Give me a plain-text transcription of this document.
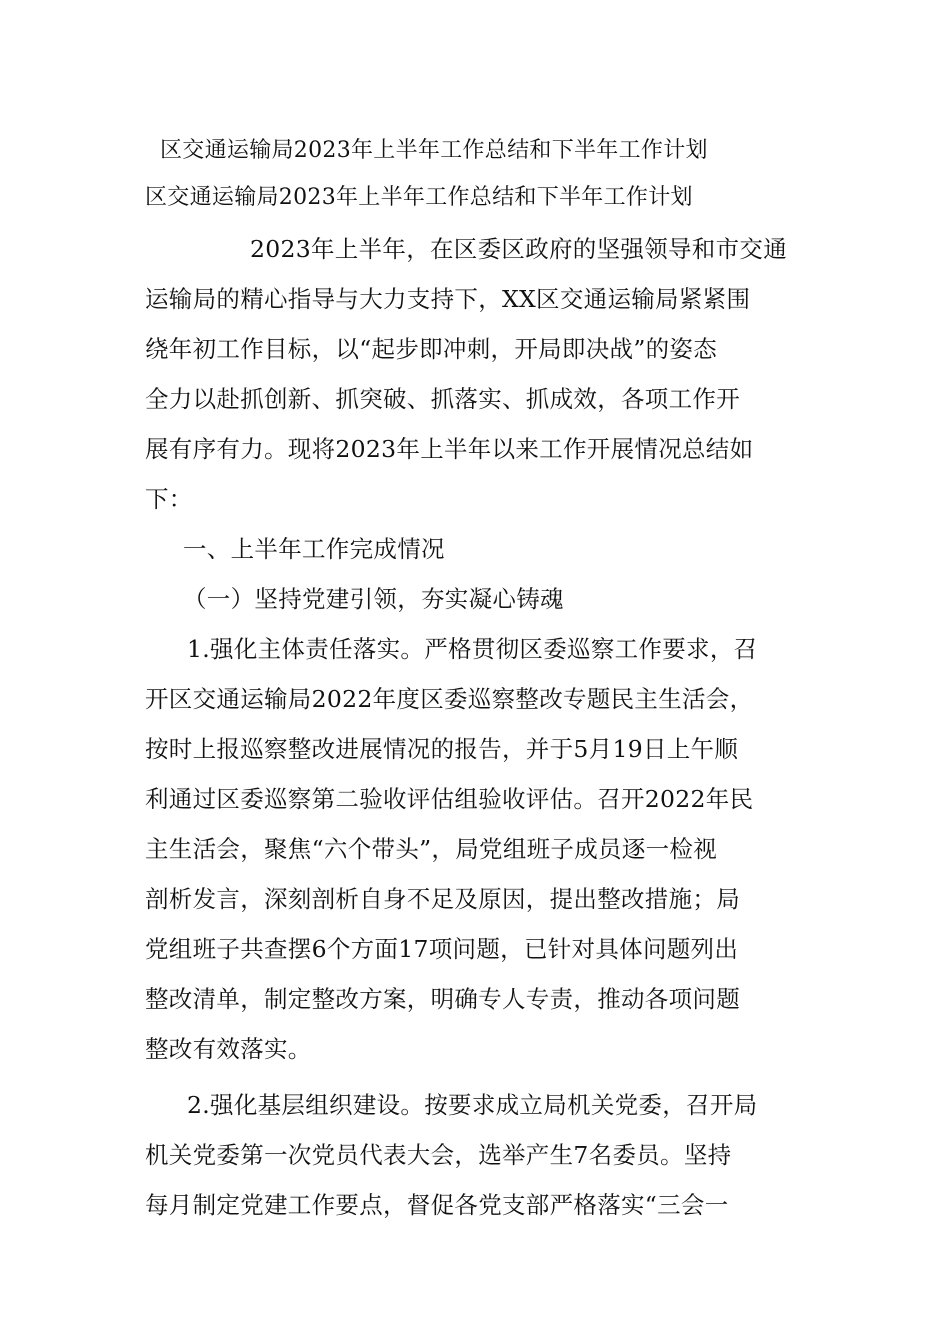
区交通运输局2023年上半年工作总结和下半年工作计划
区交通运输局2023年上半年工作总结和下半年工作计划
2023年上半年，在区委区政府的坚强领导和市交通
运输局的精心指导与大力支持下，XX区交通运输局紧紧围
绕年初工作目标，以“起步即冲刺，开局即决战”的姿态
全力以赴抓创新、抓突破、抓落实、抓成效，各项工作开
展有序有力。现将2023年上半年以来工作开展情况总结如
下：
一、上半年工作完成情况
（一）坚持党建引领，夯实凝心铸魂
1.强化主体责任落实。严格贯彻区委巡察工作要求，召
开区交通运输局2022年度区委巡察整改专题民主生活会，
按时上报巡察整改进展情况的报告，并于5月19日上午顺
利通过区委巡察第二验收评估组验收评估。召开2022年民
主生活会，聚焦“六个带头”，局党组班子成员逐一检视
剖析发言，深刻剖析自身不足及原因，提出整改措施；局
党组班子共查摆6个方面17项问题，已针对具体问题列出
整改清单，制定整改方案，明确专人专责，推动各项问题
整改有效落实。
2.强化基层组织建设。按要求成立局机关党委，召开局
机关党委第一次党员代表大会，选举产生7名委员。坚持
每月制定党建工作要点，督促各党支部严格落实“三会一
